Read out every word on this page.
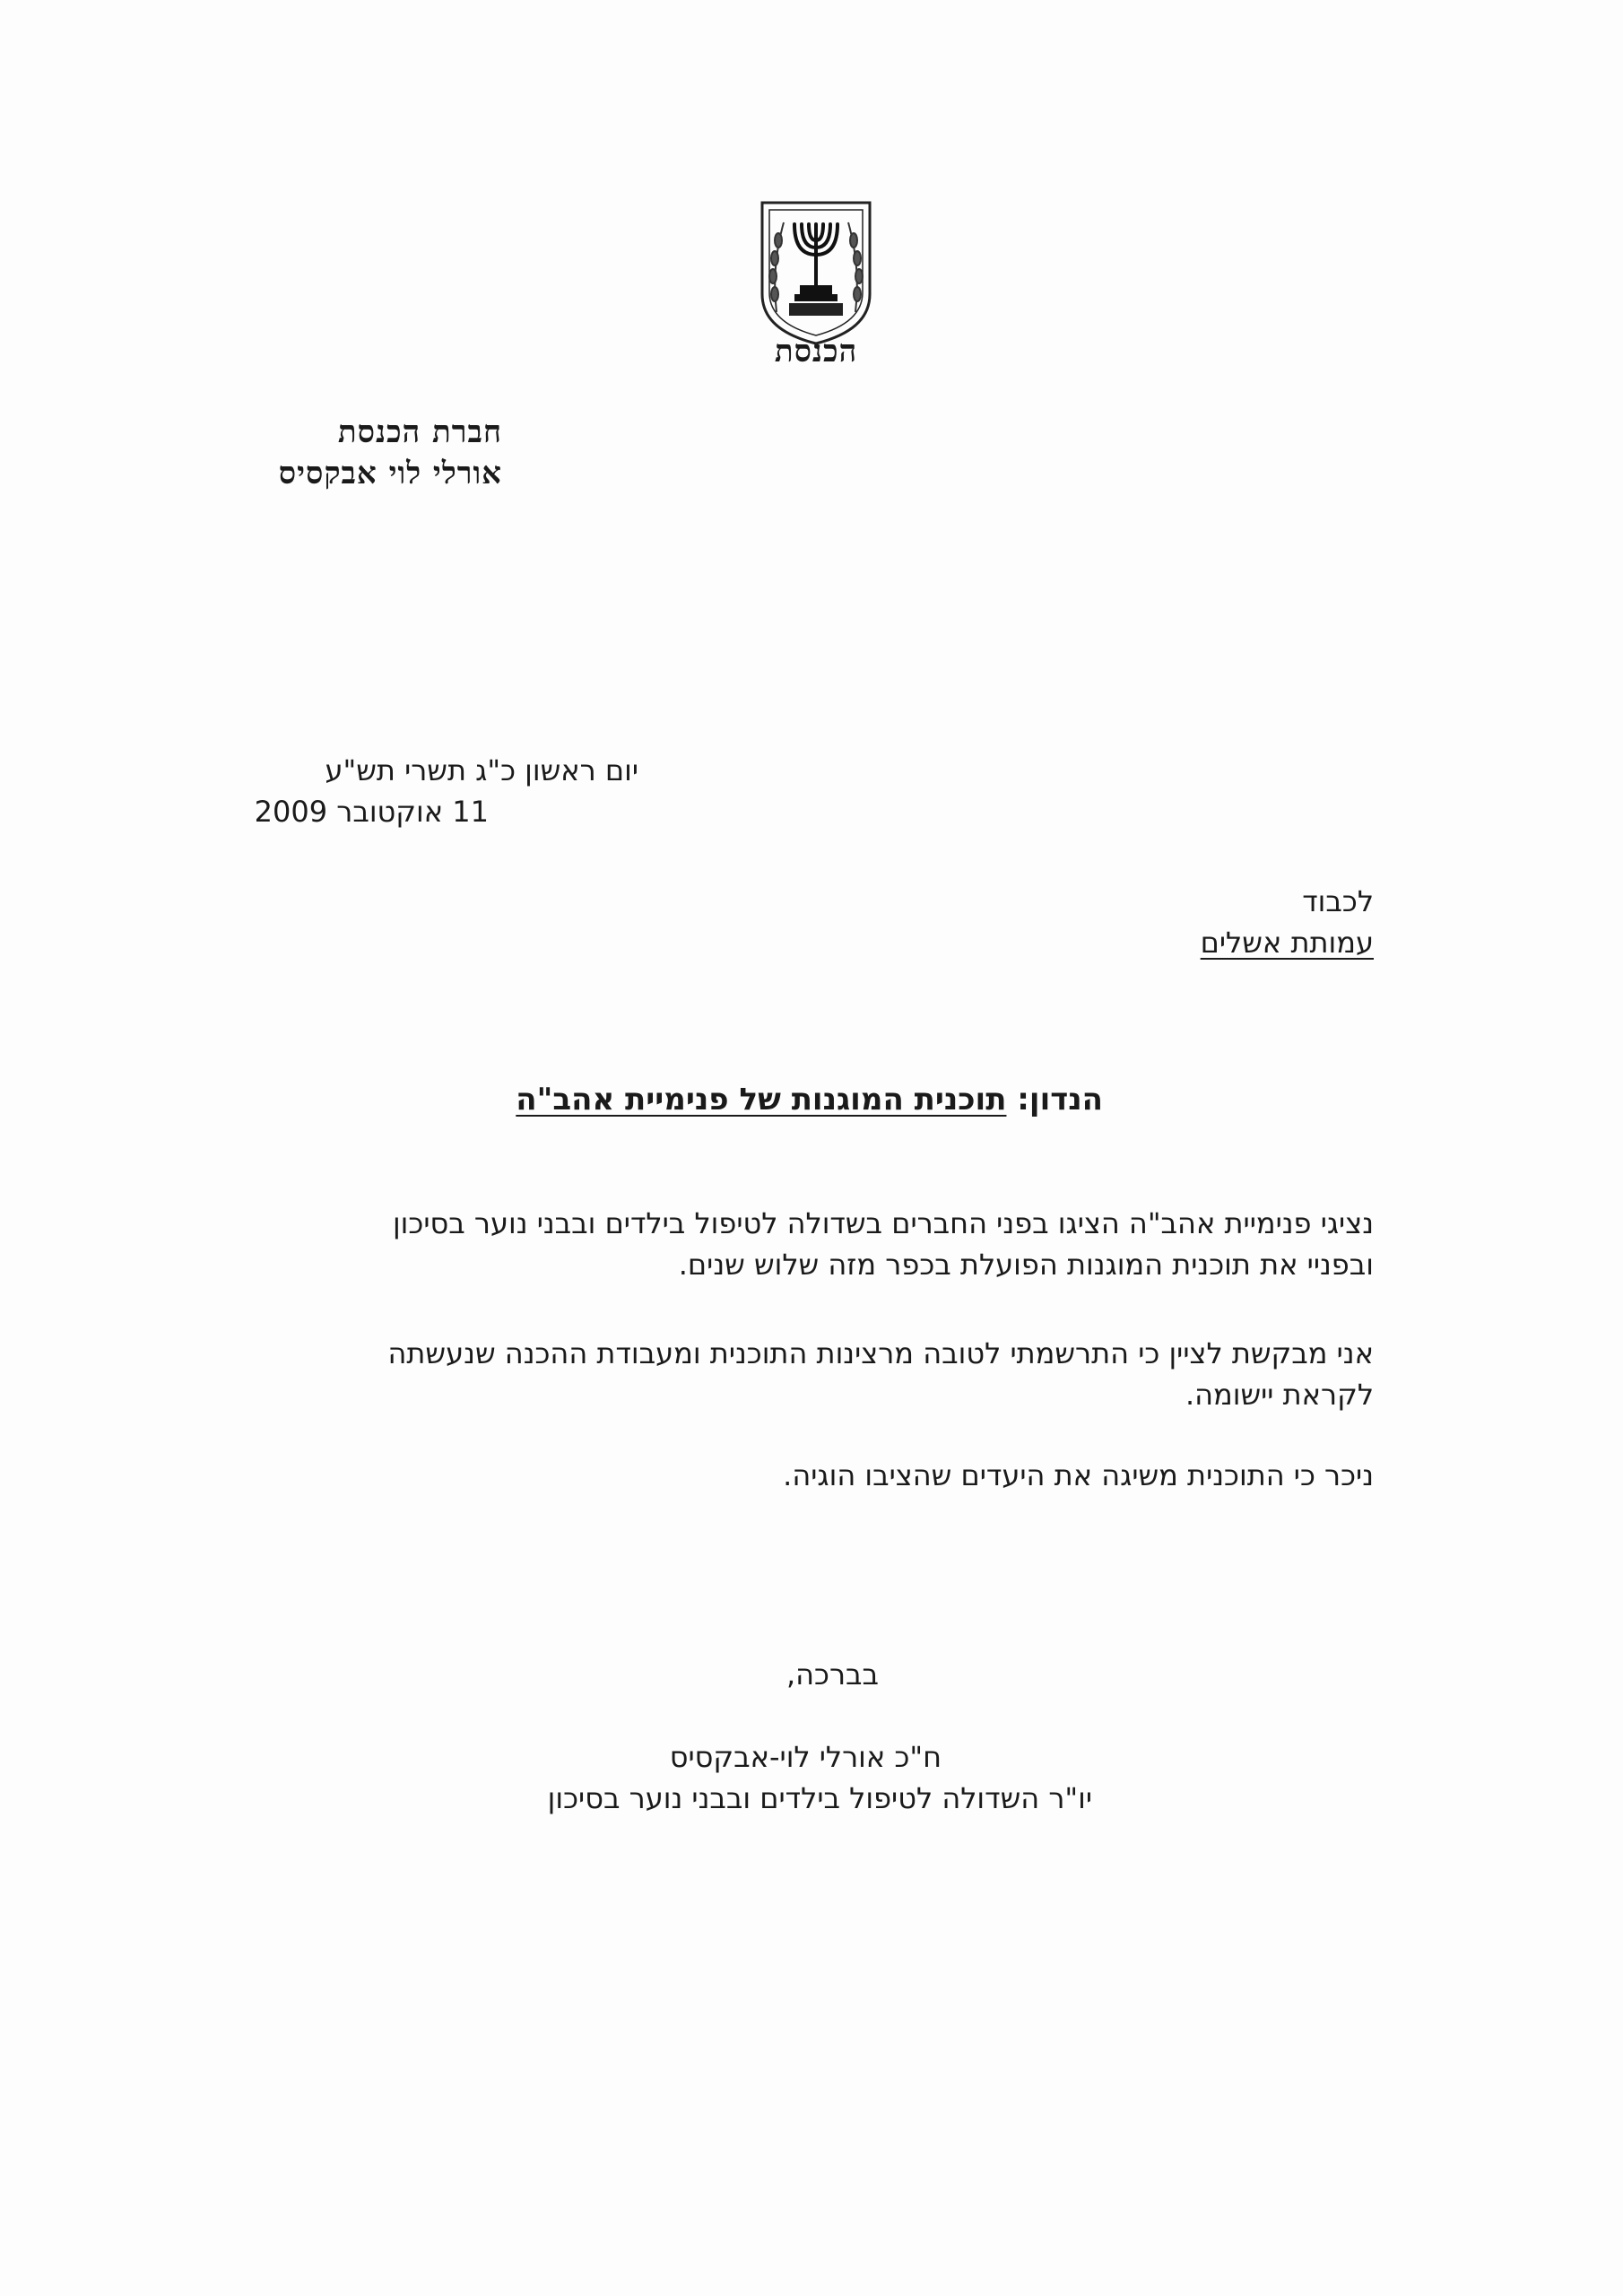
הכנסת
חברת הכנסת
אורלי לוי אבקסיס
יום ראשון כ"ג תשרי תש"ע
11 אוקטובר 2009
לכבוד
עמותת אשלים
הנדון: תוכנית המוגנות של פנימיית אהב"ה
נציגי פנימיית אהב"ה הציגו בפני החברים בשדולה לטיפול בילדים ובבני נוער בסיכון
ובפניי את תוכנית המוגנות הפועלת בכפר מזה שלוש שנים.
אני מבקשת לציין כי התרשמתי לטובה מרצינות התוכנית ומעבודת ההכנה שנעשתה
לקראת יישומה.
ניכר כי התוכנית משיגה את היעדים שהציבו הוגיה.
בברכה,
ח"כ אורלי לוי-אבקסיס
יו"ר השדולה לטיפול בילדים ובבני נוער בסיכון
